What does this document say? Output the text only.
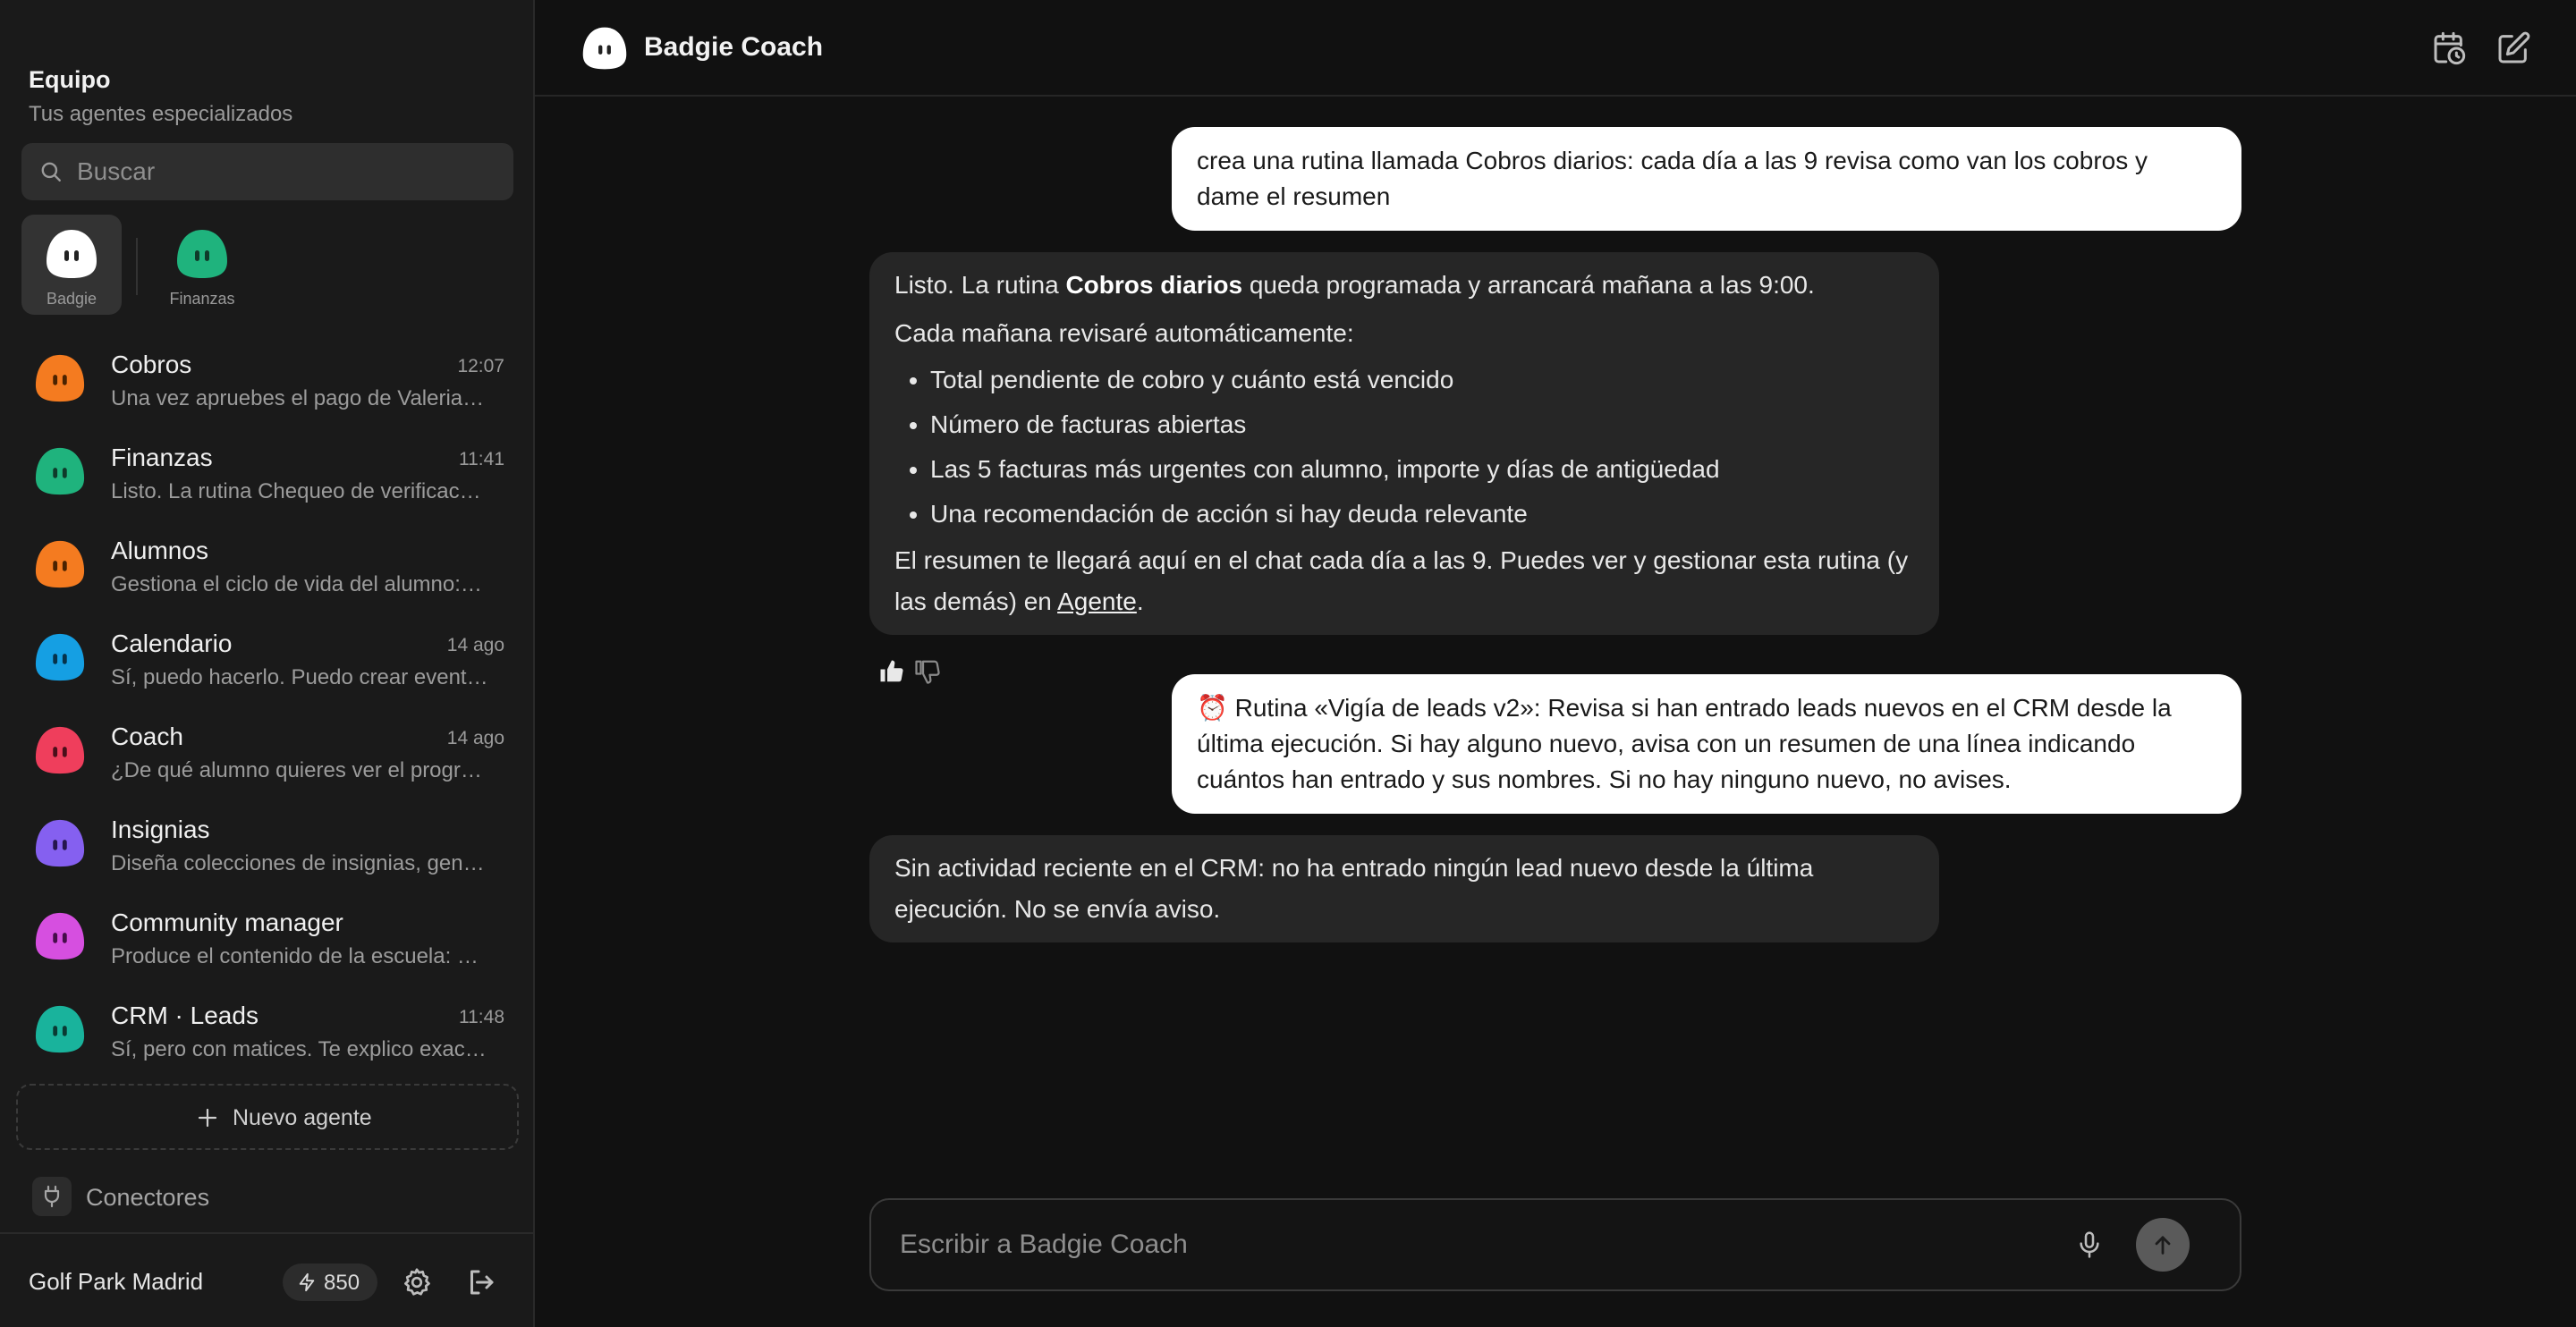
Equipo
Tus agentes especializados
Buscar
Badgie	Finanzas
Cobros	12:07
Una vez apruebes el pago de Valeria…
Finanzas	11:41
Listo. La rutina Chequeo de verificac…
Alumnos
Gestiona el ciclo de vida del alumno:…
Calendario	14 ago
Sí, puedo hacerlo. Puedo crear event…
Coach	14 ago
¿De qué alumno quieres ver el progr…
Insignias
Diseña colecciones de insignias, gen…
Community manager
Produce el contenido de la escuela: …
CRM · Leads	11:48
Sí, pero con matices. Te explico exac…
Nuevo agente
Conectores
Golf Park Madrid	850
Badgie Coach
crea una rutina llamada Cobros diarios: cada día a las 9 revisa como van los cobros y dame el resumen

Listo. La rutina Cobros diarios queda programada y arrancará mañana a las 9:00.

Cada mañana revisaré automáticamente:

• Total pendiente de cobro y cuánto está vencido
• Número de facturas abiertas
• Las 5 facturas más urgentes con alumno, importe y días de antigüedad
• Una recomendación de acción si hay deuda relevante

El resumen te llegará aquí en el chat cada día a las 9. Puedes ver y gestionar esta rutina (y las demás) en Agente.

⏰ Rutina «Vigía de leads v2»: Revisa si han entrado leads nuevos en el CRM desde la última ejecución. Si hay alguno nuevo, avisa con un resumen de una línea indicando cuántos han entrado y sus nombres. Si no hay ninguno nuevo, no avises.

Sin actividad reciente en el CRM: no ha entrado ningún lead nuevo desde la última ejecución. No se envía aviso.

Escribir a Badgie Coach
